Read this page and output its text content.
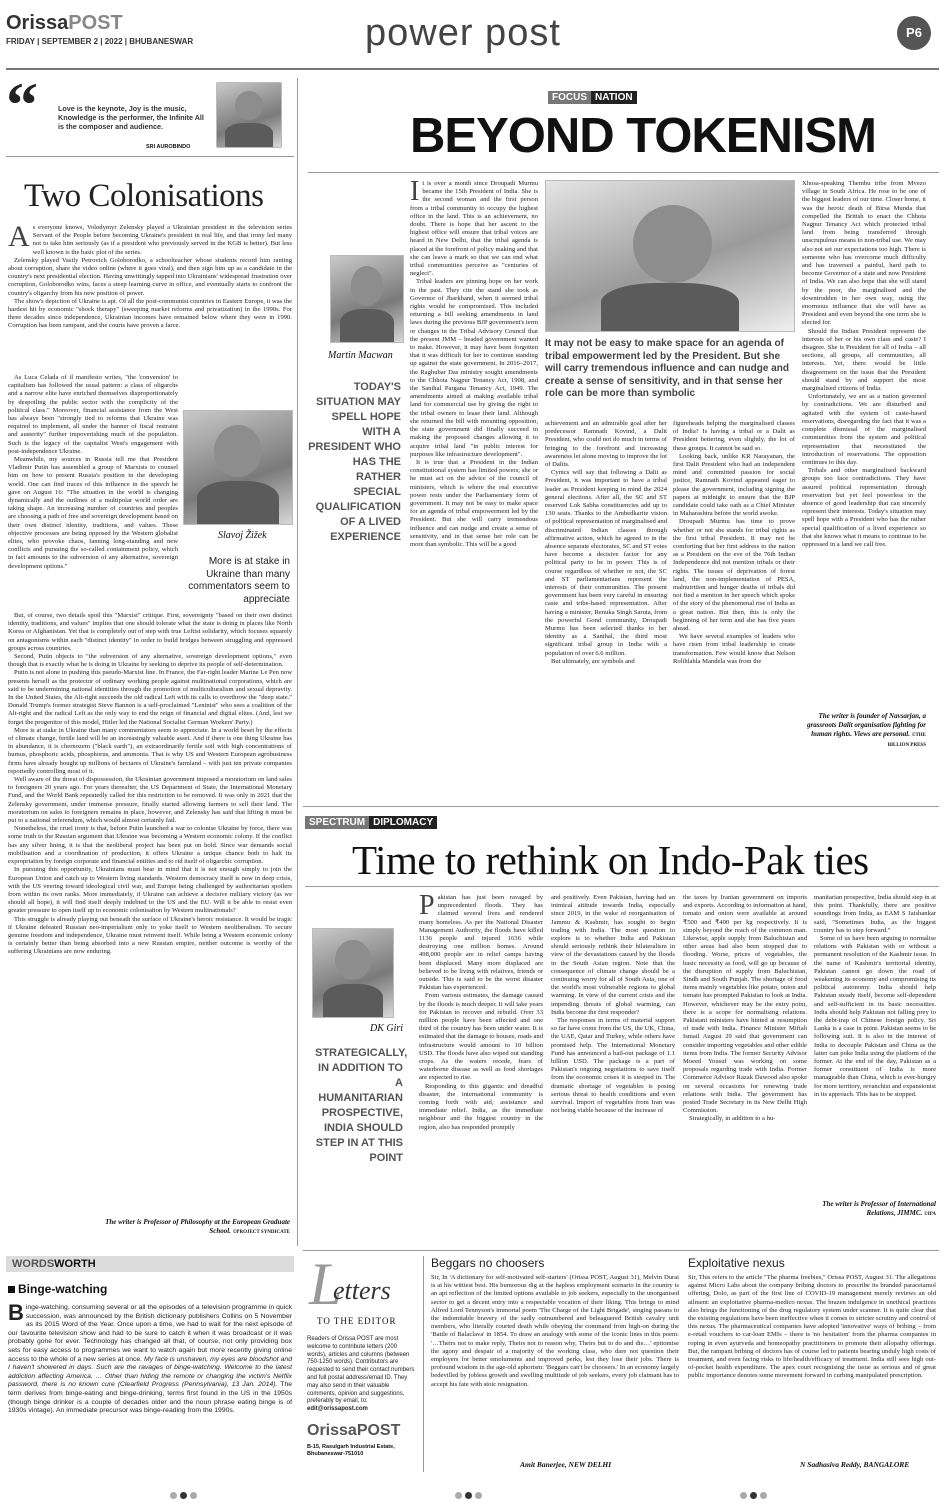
OrissaPOST
FRIDAY | SEPTEMBER 2 | 2022 | BHUBANESWAR	power post	P6
“	Love is the keynote, Joy is the music, Knowledge is the performer, the Infinite All is the composer and audience.
SRI AUROBINDO
Two Colonisations
A s everyone knows, Volodymyr Zelensky played a Ukrainian president in the television series Servant of the People before becoming Ukraine's president in real life, and that irony led many not to take him seriously (as if a president who previously served in the KGB is better). But less well known is the basic plot of the series.

Zelensky played Vasily Petrovich Goloborodko, a schoolteacher whose students record him ranting about corruption, share the video online (where it goes viral), and then sign him up as a candidate in the country's next presidential election. Having unwittingly tapped into Ukrainians' widespread frustration over corruption, Goloborodko wins, faces a steep learning curve in office, and eventually starts to confront the country's oligarchy from his new position of power.

The show's depiction of Ukraine is apt. Of all the post-communist countries in Eastern Europe, it was the hardest hit by economic "shock therapy" (sweeping market reforms and privatization) in the 1990s. For three decades since independence, Ukrainian incomes have remained below where they were in 1990. Corruption has been rampant, and the courts have proven a farce.

As Luca Celada of il manifesto writes, "the 'conversion' to capitalism has followed the usual pattern: a class of oligarchs and a narrow elite have enriched themselves disproportionately by despoiling the public sector with the complicity of the political class." Moreover, financial assistance from the West has always been "strongly tied to reforms that Ukraine was required to implement, all under the banner of fiscal restraint and austerity" further impoverishing much of the population. Such is the legacy of the capitalist West's engagement with post-independence Ukraine.

Meanwhile, my sources in Russia tell me that President Vladimir Putin has assembled a group of Marxists to counsel him on how to present Russia's position in the developing world. One can find traces of this influence in the speech he gave on August 16: "The situation in the world is changing dynamically and the outlines of a multipolar world order are taking shape. An increasing number of countries and peoples are choosing a path of free and sovereign development based on their own distinct identity, traditions, and values. These objective processes are being opposed by the Western globalist elites, who provoke chaos, fanning long-standing and new conflicts and pursuing the so-called containment policy, which in fact amounts to the subversion of any alternative, sovereign development options."

Slavoj Žižek
More is at stake in Ukraine than many commentators seem to appreciate

But, of course, two details spoil this "Marxist" critique. First, sovereignty "based on their own distinct identity, traditions, and values" implies that one should tolerate what the state is doing in places like North Korea or Afghanistan. Yet that is completely out of step with true Leftist solidarity, which focuses squarely on antagonisms within each "distinct identity" in order to build bridges between struggling and oppressed groups across countries.

Second, Putin objects to "the subversion of any alternative, sovereign development options," even though that is exactly what he is doing in Ukraine by seeking to deprive its people of self-determination.

Putin is not alone in pushing this pseudo-Marxist line. In France, the Far-right leader Marine Le Pen now presents herself as the protector of ordinary working people against multinational corporations, which are said to be undermining national identities through the promotion of multiculturalism and sexual depravity. In the United States, the Alt-right succeeds the old radical Left with its calls to overthrow the "deep state." Donald Trump's former strategist Steve Bannon is a self-proclaimed "Leninist" who sees a coalition of the Alt-right and the radical Left as the only way to end the reign of financial and digital elites. (And, lest we forget the progenitor of this model, Hitler led the National Socialist German Workers' Party.)

More is at stake in Ukraine than many commentators seem to appreciate. In a world beset by the effects of climate change, fertile land will be an increasingly valuable asset. And if there is one thing Ukraine has in abundance, it is chernozem ("black earth"), an extraordinarily fertile soil with high concentrations of humus, phosphoric acids, phosphorus, and ammonia. That is why US and Western European agrobusiness firms have already bought up millions of hectares of Ukraine's farmland – with just ten private companies reportedly controlling most of it.

Well aware of the threat of dispossession, the Ukrainian government imposed a moratorium on land sales to foreigners 20 years ago. For years thereafter, the US Department of State, the International Monetary Fund, and the World Bank repeatedly called for this restriction to be removed. It was only in 2021 that the Zelensky government, under immense pressure, finally started allowing farmers to sell their land. The moratorium on sales to foreigners remains in place, however, and Zelensky has said that lifting it must be put to a national referendum, which would almost certainly fail.

Nonetheless, the cruel irony is that, before Putin launched a war to colonise Ukraine by force, there was some truth to the Russian argument that Ukraine was becoming a Western economic colony. If the conflict has any silver lining, it is that the neoliberal project has been put on hold. Since war demands social mobilisation and a coordination of production, it offers Ukraine a unique chance both to halt its expropriation by foreign corporate and financial entities and to rid itself of oligarchic corruption.

In pursuing this opportunity, Ukrainians must bear in mind that it is not enough simply to join the European Union and catch up to Western living standards. Western democracy itself is now in deep crisis, with the US veering toward ideological civil war, and Europe being challenged by authoritarian spoilers from within its own ranks. More immediately, if Ukraine can achieve a decisive military victory (as we should all hope), it will find itself deeply indebted to the US and the EU. Will it be able to resist even greater pressure to open itself up to economic colonisation by Western multinationals?

This struggle is already playing out beneath the surface of Ukraine's heroic resistance. It would be tragic if Ukraine defeated Russian neo-imperialism only to yoke itself to Western neoliberalism. To secure genuine freedom and independence, Ukraine must reinvent itself. While being a Western economic colony is certainly better than being absorbed into a new Russian empire, neither outcome is worthy of the suffering Ukrainians are now enduring.

The writer is Professor of Philosophy at the European Graduate School. ©PROJECT SYNDICATE
WORDSWORTH
Binge-watching
Binge-watching, consuming several or all the episodes of a television programme in quick succession, was announced by the British dictionary publishers Collins on 5 November as its 2015 Word of the Year. Once upon a time, we had to wait for the next episode of our favourite television show and had to be sure to catch it when it was broadcast or it was probably gone for ever. Technology has changed all that, of course, not only providing box sets for easy access to programmes we want to watch again but more recently giving online access to the whole of a new series at once. My face is unshaven, my eyes are bloodshot and I haven't showered in days. Such are the ravages of binge-watching. Welcome to the latest addiction affecting America. … Other than hiding the remote or changing the victim's Netflix password, there is no known cure (Clearfield Progress (Pennsylvania), 13 Jan. 2014). The term derives from binge-eating and binge-drinking, terms first found in the US in the 1950s (though binge drinker is a couple of decades older and the noun phrase eating binge is of 1930s vintage). An immediate precursor was binge-reading from the 1990s.
FOCUS NATION
BEYOND TOKENISM
Martin Macwan
TODAY'S SITUATION MAY SPELL HOPE WITH A PRESIDENT WHO HAS THE RATHER SPECIAL QUALIFICATION OF A LIVED EXPERIENCE
I t is over a month since Droupadi Murmu became the 15th President of India. She is the second woman and the first person from a tribal community to occupy the highest office in the land. This is an achievement, no doubt. There is hope that her ascent to the highest office will ensure that tribal voices are heard in New Delhi, that the tribal agenda is placed at the forefront of policy making and that she can leave a mark so that we can end what tribal communities perceive as "centuries of neglect".

Tribal leaders are pinning hope on her work in the past. They cite the stand she took as Governor of Jharkhand, when it seemed tribal rights would be compromised. This included returning a bill seeking amendments in land laws during the previous BJP government's term or changes in the Tribal Advisory Council that the present JMM – headed government wanted to make. However, it may have been forgotten that it was difficult for her to continue standing up against the state government. In 2016–2017, the Raghubar Das ministry sought amendments to the Chhota Nagpur Tenancy Act, 1908, and the Santhal Pargana Tenancy Act, 1949. The amendments aimed at making available tribal land for commercial use by giving the right to the tribal owners to lease their land. Although she returned the bill with mounting opposition, the state government did finally succeed in making the proposed changes allowing it to acquire tribal land "in public interest for purposes like infrastructure development".

It is true that a President in the Indian constitutional system has limited powers; she or he must act on the advice of the council of ministers, which is where the real executive power rests under the Parliamentary form of government. It may not be easy to make space for an agenda of tribal empowerment led by the President. But she will carry tremendous influence and can nudge and create a sense of sensitivity, and in that sense her role can be more than symbolic. This will be a good

It may not be easy to make space for an agenda of tribal empowerment led by the President. But she will carry tremendous influence and can nudge and create a sense of sensitivity, and in that sense her role can be more than symbolic
achievement and an admirable goal after her predecessor Ramnath Kovind, a Dalit President, who could not do much in terms of bringing to the forefront and increasing awareness let alone moving to improve the lot of Dalits.

Cynics will say that following a Dalit as President, it was important to have a tribal leader as President keeping in mind the 2024 general elections. After all, the SC and ST reserved Lok Sabha constituencies add up to 130 seats. Thanks to the Ambedkarite vision of political representation of marginalised and discriminated Indian classes through affirmative action, which he agreed to in the absence separate electorates, SC and ST votes have become a decisive factor for any political party to be in power. This is of course regardless of whether or not, the SC and ST parliamentarians represent the interests of their communities. The present government has been very careful in ensuring caste and tribe-based representation. After having a minister, Renuka Singh Saruta, from the powerful Gond community, Droupadi Murmu has been selected thanks to her identity as a Santhal, the third most significant tribal group in India with a population of over 6.6 million.

But ultimately, are symbols and

figureheads helping the marginalised classes of India? Is having a tribal or a Dalit as President bettering, even slightly, the lot of these groups. It cannot be said so.

Looking back, unlike KR Narayanan, the first Dalit President who had an independent mind and committed passion for social justice, Ramnath Kovind appeared eager to please the government, including signing the papers at midnight to ensure that the BJP candidate could take oath as a Chief Minister in Maharashtra before the world awoke.

Droupadi Murmu has time to prove whether or not she stands for tribal rights as the first tribal President. It may not be comforting that her first address to the nation as a President on the eve of the 76th Indian Independence did not mention tribals or their rights. The issues of deprivation of forest land, the non-implementation of PESA, malnutrition and hunger deaths of tribals did not find a mention in her speech which spoke of the story of the phenomenal rise of India as a great nation. But then, this is only the beginning of her term and she has five years ahead.

We have several examples of leaders who have risen from tribal leadership to create transformation. Few would know that Nelson Rolihlahla Mandela was from the

Xhosa-speaking Thembu tribe from Mvezo village in South Africa. He rose to be one of the biggest leaders of our time. Closer home, it was the heroic death of Birsa Munda that compelled the British to enact the Chhota Nagpur Tenancy Act which protected tribal land from being transferred through unscrupulous means to non-tribal use. We may also not set our expectations too high. There is someone who has overcome much difficulty and has traversed a painful, hard path to become Governor of a state and now President of India. We can also hope that she will stand by the poor, the marginalised and the downtrodden in her own way, using the enormous influence that she will have as President and even beyond the one term she is elected for.

Should the Indian President represent the interests of her or his own class and caste? I disagree. She is President for all of India – all sections, all groups, all communities, all interests. Yet, there would be little disagreement on the issue that the President should stand by and support the most marginalised citizens of India.

Unfortunately, we are as a nation governed by contradictions. We are disturbed and agitated with the system of caste-based reservations, disregarding the fact that it was a complete dismissal of the marginalised communities from the system and political representation that necessitated the introduction of reservations. The opposition continues to this day.

Tribals and other marginalised backward groups too face contradictions. They have assured political representation through reservation but yet feel powerless in the absence of good leadership that can sincerely represent their interests. Today's situation may spell hope with a President who has the rather special qualification of a lived experience so that she knows what it means to continue to be oppressed in a land we call free.

The writer is founder of Navsarjan, a grassroots Dalit organisation fighting for human rights. Views are personal. ©THE BILLION PRESS
SPECTRUM DIPLOMACY
Time to rethink on Indo-Pak ties
DK Giri
STRATEGICALLY, IN ADDITION TO A HUMANITARIAN PROSPECTIVE, INDIA SHOULD STEP IN AT THIS POINT
P akistan has just been ravaged by unprecedented floods. They has claimed several lives and rendered many homeless. As per the National Disaster Management Authority, the floods have killed 1136 people and injured 1636 while destroying one million homes. Around 498,000 people are in relief camps having been displaced. Many more displaced are believed to be living with relatives, friends or outside. This is said to be the worst disaster Pakistan has experienced.

From various estimates, the damage caused by the floods is much deeper. It will take years for Pakistan to recover and rebuild. Over 33 million people have been affected and one third of the country has been under water. It is estimated that the damage to houses, roads and infrastructure would amount to 10 billion USD. The floods have also wiped out standing crops. As the waters recede, fears of waterborne disease as well as food shortages are expected to rise.

Responding to this gigantic and dreadful disaster, the international community is coming forth with aid, assistance and immediate relief. India, as the immediate neighbour and the biggest country in the region, also has responded promptly

and positively. Even Pakistan, having had an inimical attitude towards India, especially since 2019, in the wake of reorganisation of Jammu & Kashmir, has sought to begin trading with India. The most question to explore is to whether India and Pakistan should seriously rethink their bilateralism in view of the devastations caused by the floods in the South Asian region. Note that the consequence of climate change should be a continuing worry for all of South Asia, one of the world's most vulnerable regions to global warming. In view of the current crisis and the impending threats of global warming, can India become the first responder?

The responses in terms of material support so far have come from the US, the UK, China, the UAE, Qatar and Turkey, while others have promised help. The International Monetary Fund has announced a bail-out package of 1.1 billion USD. The package is a part of Pakistan's ongoing negotiations to save itself from the economic crises it is steeped in. The dramatic shortage of vegetables is posing serious threat to health conditions and even survival. Import of vegetables from Iran was not being viable because of the increase of

the taxes by Iranian government on imports and exports. According to information at hand, tomato and onion were available at around ₹500 and ₹400 per kg respectively. It is simply beyond the reach of the common man. Likewise, apple supply from Baluchistan and other areas had also been stopped due to flooding. Worse, prices of vegetables, the basic necessity as food, will go up because of the disruption of supply from Baluchistan, Sindh and South Punjab. The shortage of food items mainly vegetables like potato, onion and tomato has prompted Pakistan to look at India. However, whichever may be the entry point, there is a scope for normalising relations. Pakistani ministers have hinted at resumption of trade with India. Finance Minister Miftah Ismail August 29 said that government can consider importing vegetables and other edible items from India. The former Security Advisor Moeed Yousuf was working on some proposals regarding trade with India. Former Commerce Advisor Razak Dawood also spoke on several occasions for renewing trade relations with India. The government has posted Trade Secretary in its New Delhi High Commission.

Strategically, in addition to a hu-

manitarian prospective, India should step in at this point. Thankfully, there are positive soundings from India, as EAM S Jaishankar said, "Sometimes India, as the biggest country has to step forward."

Some of us have been arguing to normalise relations with Pakistan with or without a permanent resolution of the Kashmir issue. In the name of Kashmir's territorial identity, Pakistan cannot go down the road of weakening its economy and compromising its political autonomy. India should help Pakistan steady itself, become self-dependent and self-sufficient in its basic necessities. India should help Pakistan not falling prey to the debt-trap of Chinese foreign policy. Sri Lanka is a case in point. Pakistan seems to be following suit. It is also in the interest of India to decouple Pakistan and China as the latter can poke India using the platform of the former. At the end of the day, Pakistan as a former constituent of India is more manageable than China, which is ever-hungry for more territory, revanchist and expansionist in its approach. This has to be stopped.

The writer is Professor of International Relations, JIMMC. ©IPA
L
etters
TO THE EDITOR
Readers of Orissa POST are most welcome to contribute letters (200 words), articles and columns (between 750-1250 words). Contributors are requested to send their contact numbers and full postal address/email ID. They may also send in their valuable comments, opinion and suggestions, preferably by email, to: edit@orissapost.com
OrissaPOST
B-15, Rasulgarh Industrial Estate, Bhubaneswar-751010
Beggars no choosers
Sir, In 'A dictionary for self-motivated self-starters' (Orissa POST, August 31), Melvin Durai is at his wittiest best. His humorous dig at the hapless employment scenario in the country is an apt reflection of the limited options available to job seekers, especially in the unorganised sector to get a decent entry into a respectable vocation of their liking. This brings to mind Alfred Lord Tennyson's immortal poem 'The Charge of the Light Brigade', singing paeans to the indomitable bravery of the sadly outnumbered and beleaguered British cavalry unit members, who literally courted death while obeying the command from high-on during the 'Battle of Balaclava' in 1854. To draw an analogy with some of the iconic lines in this poem: '…Theirs not to make reply, Theirs not to reason why, Theirs but to do and die…' epitomise the agony and despair of a majority of the working class, who dare not question their employers for better emoluments and improved perks, lest they lose their jobs. There is profound wisdom in the age-old aphorism: 'Beggars can't be choosers.' In an economy largely bedevilled by jobless growth and swelling multitude of job seekers, every job claimant has to accept his fate with stoic resignation.
Amit Banerjee, NEW DELHI
Exploitative nexus
Sir, This refers to the article "The pharma freebies," Orissa POST, August 31. The allegations against Micro Labs about the company bribing doctors to prescribe its branded paracetamol offering, Dolo, as part of the first line of COVID-19 management merely reviews an old ailment: an exploitative pharma-medico nexus. The brazen indulgence in unethical practices also brings the functioning of the drug regulatory system under scanner. It is quite clear that the existing regulations have been ineffective when it comes to stricter scrutiny and control of this nexus. The pharmaceutical companies have adopted 'innovative' ways of bribing – from e-retail vouchers to car-loan EMIs – there is 'no hesitation' from the pharma companies in roping in even ayurveda and homeopathy practitioners to promote their allopathy offerings. But, the rampant bribing of doctors has of course led to patients bearing unduly high costs of treatment, and even facing risks to life/health/efficacy of treatment. India still sees high out-of-pocket health expenditure. The apex court recognising the issue as serious and of great public importance denotes some movement forward in curbing manipulated prescription.
N Sadhasiva Reddy, BANGALORE
